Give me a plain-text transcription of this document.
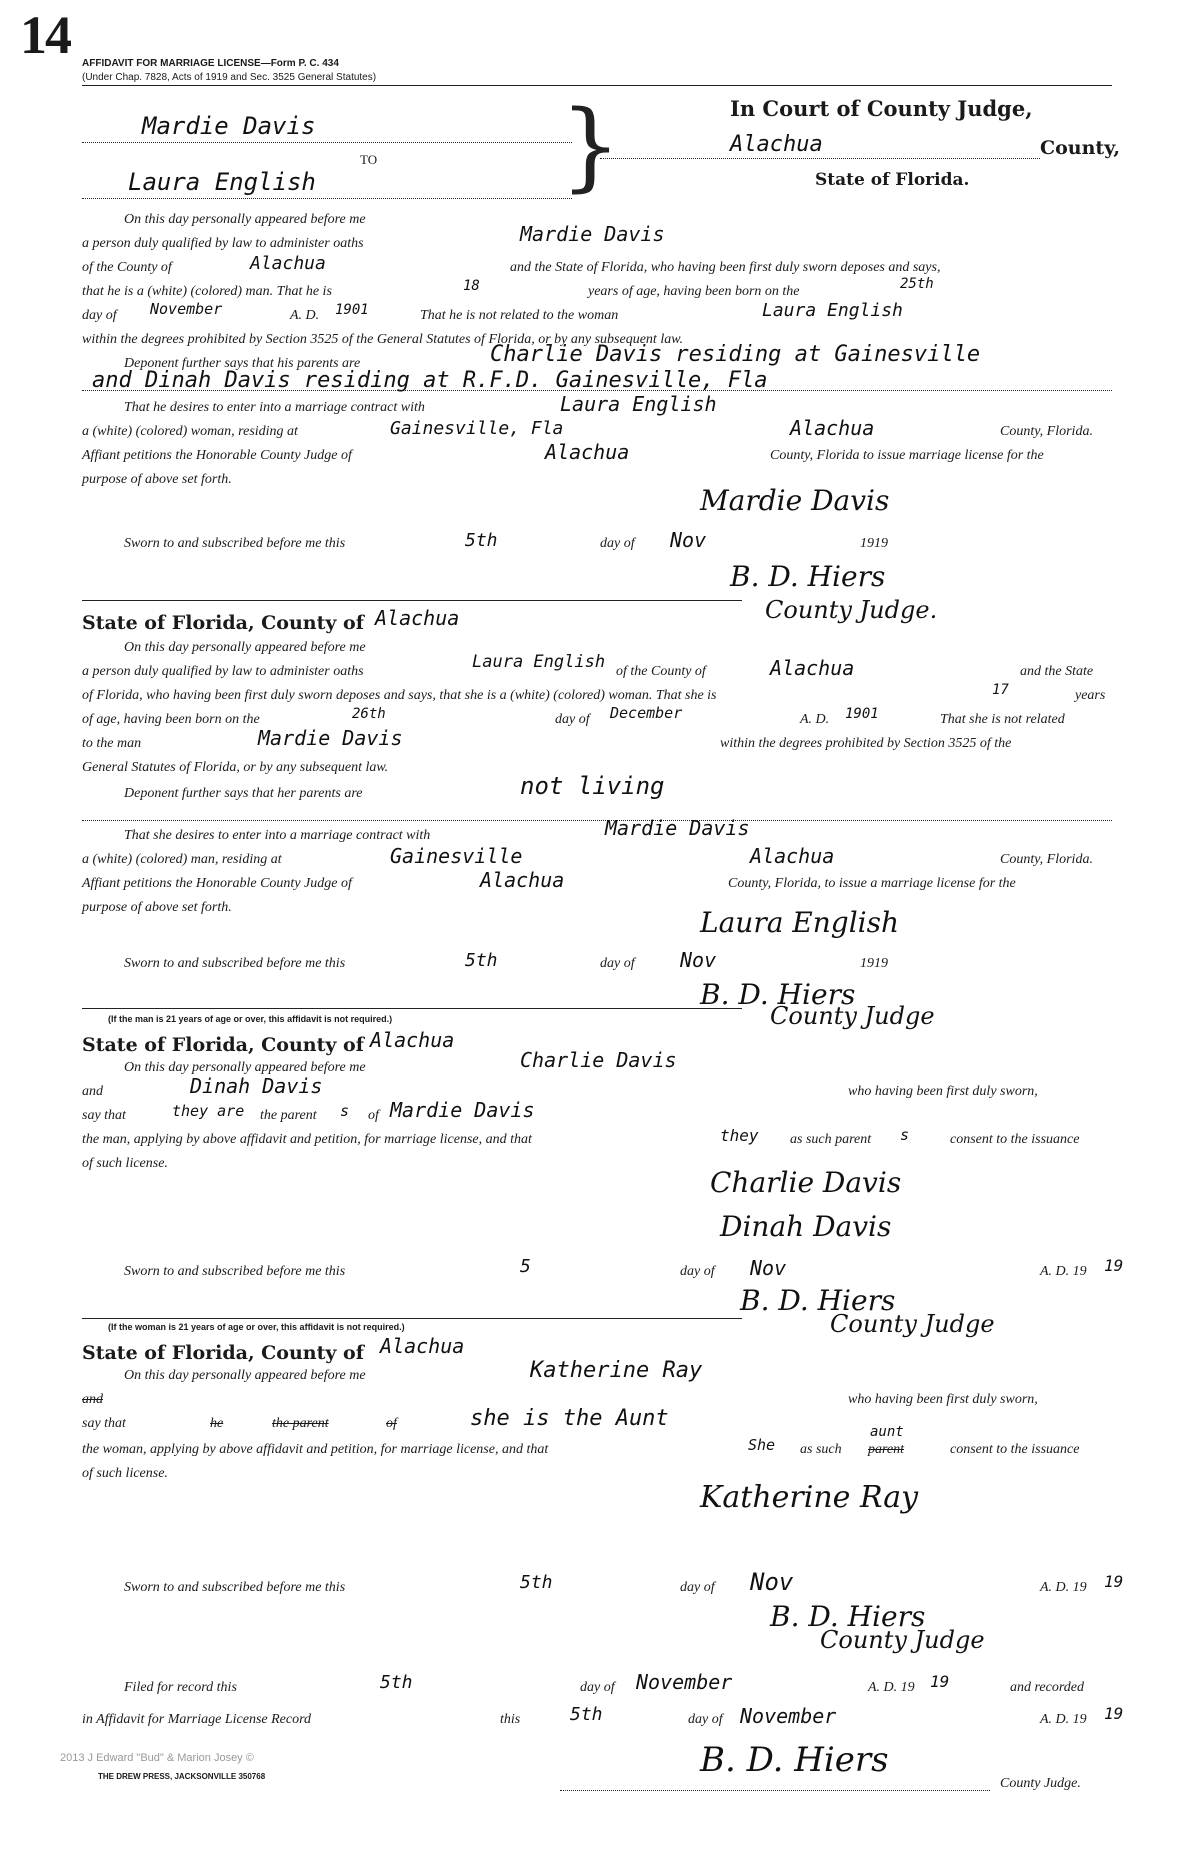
14 AFFIDAVIT FOR MARRIAGE LICENSE—Form P. C. 434
(Under Chap. 7828, Acts of 1919 and Sec. 3525 General Statutes)
Mardie Davis
TO
Laura English	}	In Court of County Judge,
Alachua	County,
State of Florida.
On this day personally appeared before me
a person duly qualified by law to administer oaths	Mardie Davis
of the County of	Alachua	and the State of Florida, who having been first duly sworn deposes and says,
that he is a (white) (colored) man. That he is	18	years of age, having been born on the	25th
day of November	A. D. 1901	That he is not related to the woman	Laura English
within the degrees prohibited by Section 3525 of the General Statutes of Florida, or by any subsequent law.
Deponent further says that his parents are	Charlie Davis residing at Gainesville
and Dinah Davis residing at R.F.D. Gainesville, Fla
That he desires to enter into a marriage contract with	Laura English
a (white) (colored) woman, residing at	Gainesville, Fla	Alachua	County, Florida.
Affiant petitions the Honorable County Judge of	Alachua	County, Florida to issue marriage license for the
purpose of above set forth.
Mardie Davis
Sworn to and subscribed before me this	5th	day of Nov	1919
B. D. Hiers
County Judge.
State of Florida, County of Alachua
On this day personally appeared before me
a person duly qualified by law to administer oaths	Laura English of the County of	Alachua	and the State
of Florida, who having been first duly sworn deposes and says, that she is a (white) (colored) woman. That she is	17	years
of age, having been born on the	26th	day of December	A. D. 1901	That she is not related
to the man	Mardie Davis	within the degrees prohibited by Section 3525 of the
General Statutes of Florida, or by any subsequent law.
Deponent further says that her parents are	not living
That she desires to enter into a marriage contract with	Mardie Davis
a (white) (colored) man, residing at	Gainesville	Alachua	County, Florida.
Affiant petitions the Honorable County Judge of	Alachua	County, Florida, to issue a marriage license for the
purpose of above set forth.	Laura English
Sworn to and subscribed before me this	5th	day of Nov	1919
B. D. Hiers
County Judge
(If the man is 21 years of age or over, this affidavit is not required.)
State of Florida, County of Alachua
On this day personally appeared before me	Charlie Davis
and	Dinah Davis	who having been first duly sworn,
say that	they are the parent s of Mardie Davis
the man, applying by above affidavit and petition, for marriage license, and that	they as such parent s	consent to the issuance
of such license.
Charlie Davis
Dinah Davis
Sworn to and subscribed before me this	5	day of Nov	A. D. 19 19
B. D. Hiers
County Judge
(If the woman is 21 years of age or over, this affidavit is not required.)
State of Florida, County of Alachua
On this day personally appeared before me	Katherine Ray
and	who having been first duly sworn,
say that	he	the parent	of	she is the Aunt
the woman, applying by above affidavit and petition, for marriage license, and that	She as such
aunt
parent	consent to the issuance
of such license.
Katherine Ray
Sworn to and subscribed before me this	5th	day of Nov	A. D. 19 19
B. D. Hiers
County Judge
Filed for record this	5th	day of November	A. D. 19 19	and recorded
in Affidavit for Marriage License Record	this	5th	day of November	A. D. 19 19
B. D. Hiers
County Judge.
2013 J Edward "Bud" & Marion Josey ©
THE DREW PRESS, JACKSONVILLE 350768
